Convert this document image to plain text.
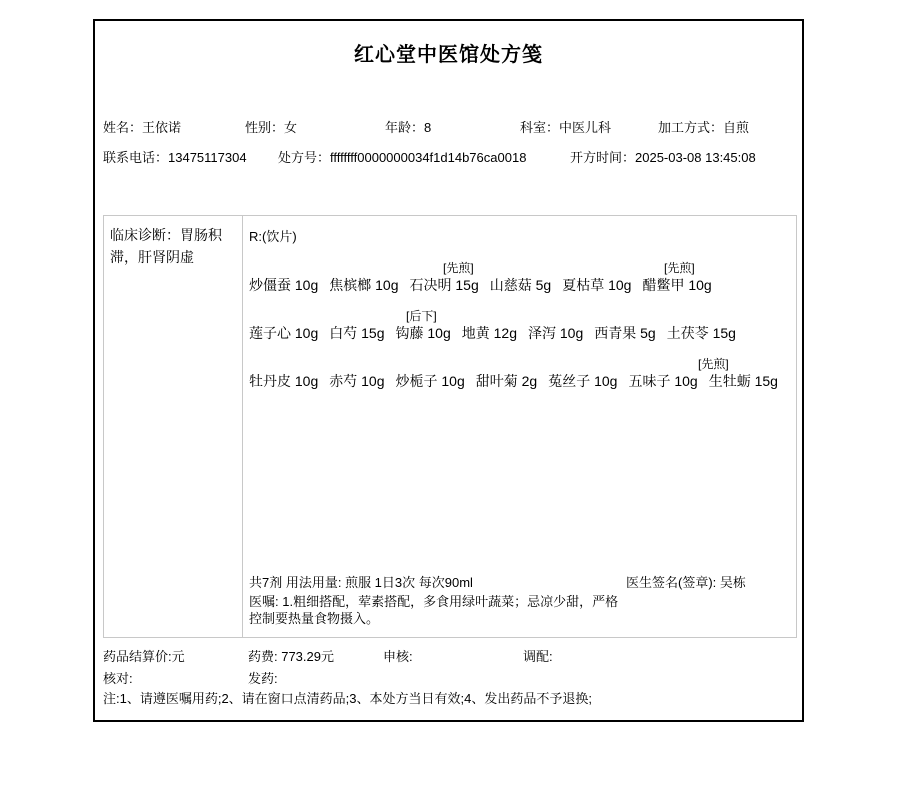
红心堂中医馆处方笺
姓名：王依诺	性别：女	年龄：8	科室：中医儿科	加工方式：自煎
联系电话：13475117304 处方号：ffffffff0000000034f1d14b76ca0018	开方时间：2025-03-08 13:45:08
临床诊断：胃肠积滞，肝肾阴虚
R:(饮片)
[先煎]	[先煎]
炒僵蚕 10g 焦槟榔 10g 石决明 15g 山慈菇 5g 夏枯草 10g 醋鳖甲 10g
[后下]
莲子心 10g 白芍 15g 钩藤 10g 地黄 12g 泽泻 10g 西青果 5g 土茯苓 15g
[先煎]
牡丹皮 10g 赤芍 10g 炒栀子 10g 甜叶菊 2g 菟丝子 10g 五味子 10g 生牡蛎 15g
共7剂 用法用量: 煎服 1日3次 每次90ml	医生签名(签章): 吴栋
医嘱: 1.粗细搭配，荤素搭配，多食用绿叶蔬菜；忌凉少甜，严格控制要热量食物摄入。
药品结算价:元	药费: 773.29元	申核:	调配:
核对:	发药:
注:1、请遵医嘱用药;2、请在窗口点清药品;3、本处方当日有效;4、发出药品不予退换;
